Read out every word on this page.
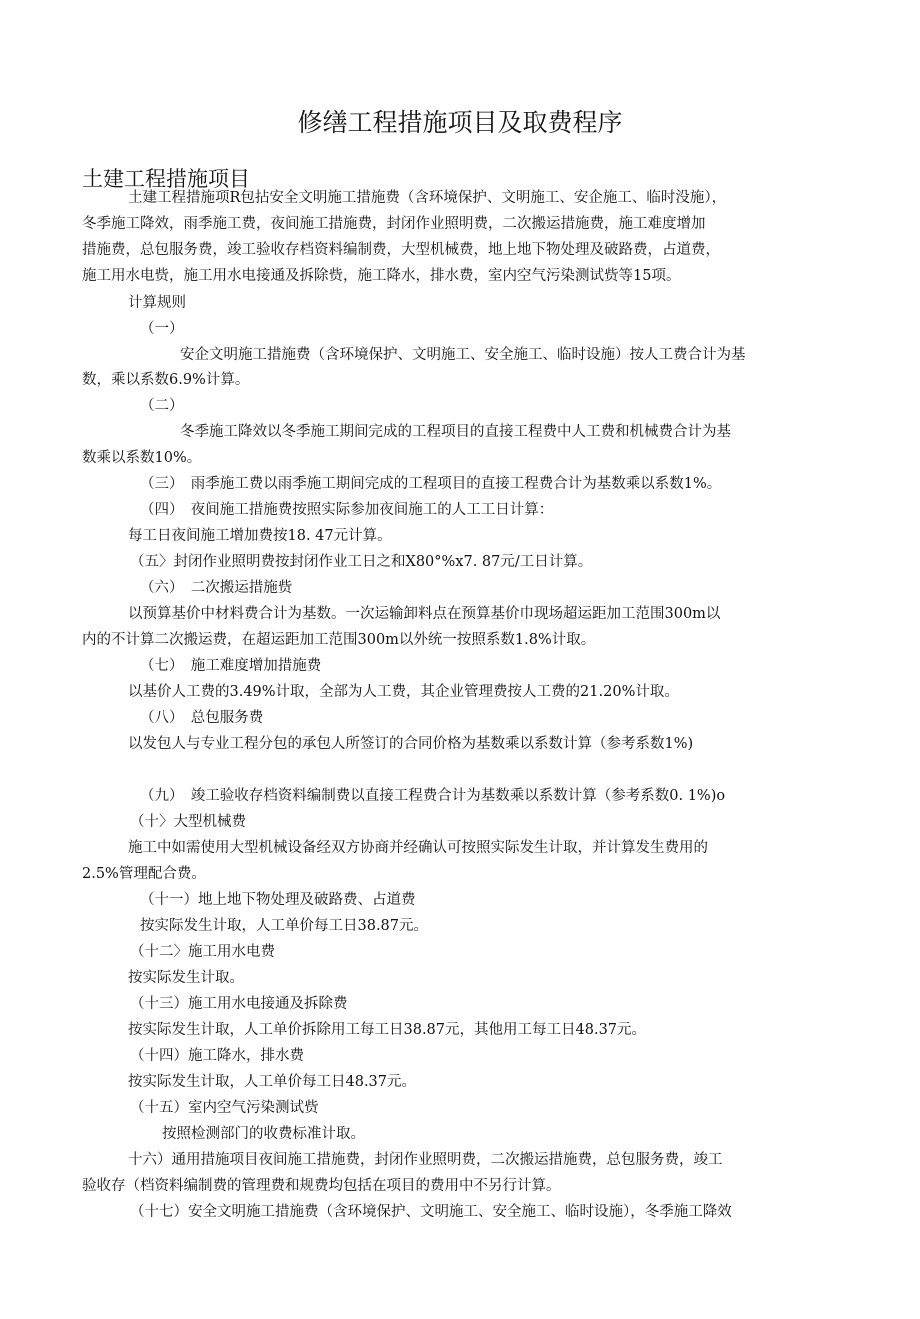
修缮工程措施项目及取费程序
土建工程措施项目
土建工程措施项R包拈安全文明施工措施费（含环境保护、文明施工、安企施工、临时没施），
冬季施工降效，雨季施工费，夜间施工措施费，封闭作业照明费，二次搬运措施费，施工难度增加
措施费，总包服务费，竣工验收存档资料编制费，大型机械费，地上地下物处理及破路费，占道费，
施工用水电赀，施工用水电接通及拆除赀，施工降水，排水费，室内空气污染测试赀等15项。
计算规则
（一）
安企文明施工措施费（含环境保护、文明施工、安全施工、临时设施）按人工费合计为基
数，乘以系数6.9%计算。
（二）
冬季施工降效以冬季施工期间完成的工程项目的直接工程费中人工费和机械费合计为基
数乘以系数10%。
（三）　雨季施工费以雨季施工期间完成的工程项目的直接工程费合计为基数乘以系数1%。
（四）　夜间施工措施费按照实际参加夜间施工的人工工日计算：
每工日夜间施工增加费按18. 47元计算。
（五〉封闭作业照明费按封闭作业工日之和X80°%x7. 87元/工日计算。
（六）　二次搬运措施赀
以预算基价中材料费合计为基数。一次运输卸料点在预算基价巾现场超运距加工范围300m以
内的不计算二次搬运费，在超运距加工范围300m以外统一按照系数1.8%计取。
（七）　施工难度增加措施费
以基价人工费的3.49%计取，全部为人工费，其企业管理费按人工费的21.20%计取。
（八）　总包服务费
以发包人与专业工程分包的承包人所签订的合同价格为基数乘以系数计算（参考系数1%)
（九）　竣工验收存档资料编制费以直接工程费合计为基数乘以系数计算（参考系数0. 1%)o
（十〉大型机械费
施工中如需使用大型机械设备经双方协商并经确认可按照实际发生计取，并计算发生费用的
2.5%管理配合费。
（十一）地上地下物处理及破路费、占道费
按实际发生计取，人工单价每工日38.87元。
（十二〉施工用水电费
按实际发生计取。
（十三）施工用水电接通及拆除费
按实际发生计取，人工单价拆除用工每工日38.87元，其他用工每工日48.37元。
（十四）施工降水，排水费
按实际发生计取，人工单价每工日48.37元。
（十五）室内空气污染测试赀
按照检测部门的收费标准计取。
十六）通用措施项目夜间施工措施费，封闭作业照明费，二次搬运措施费，总包服务费，竣工
验收存（档资料编制费的管理费和规费均包括在项目的费用中不另行计算。
（十七）安全文明施工措施费（含环境保护、文明施工、安全施工、临时设施），冬季施工降效
